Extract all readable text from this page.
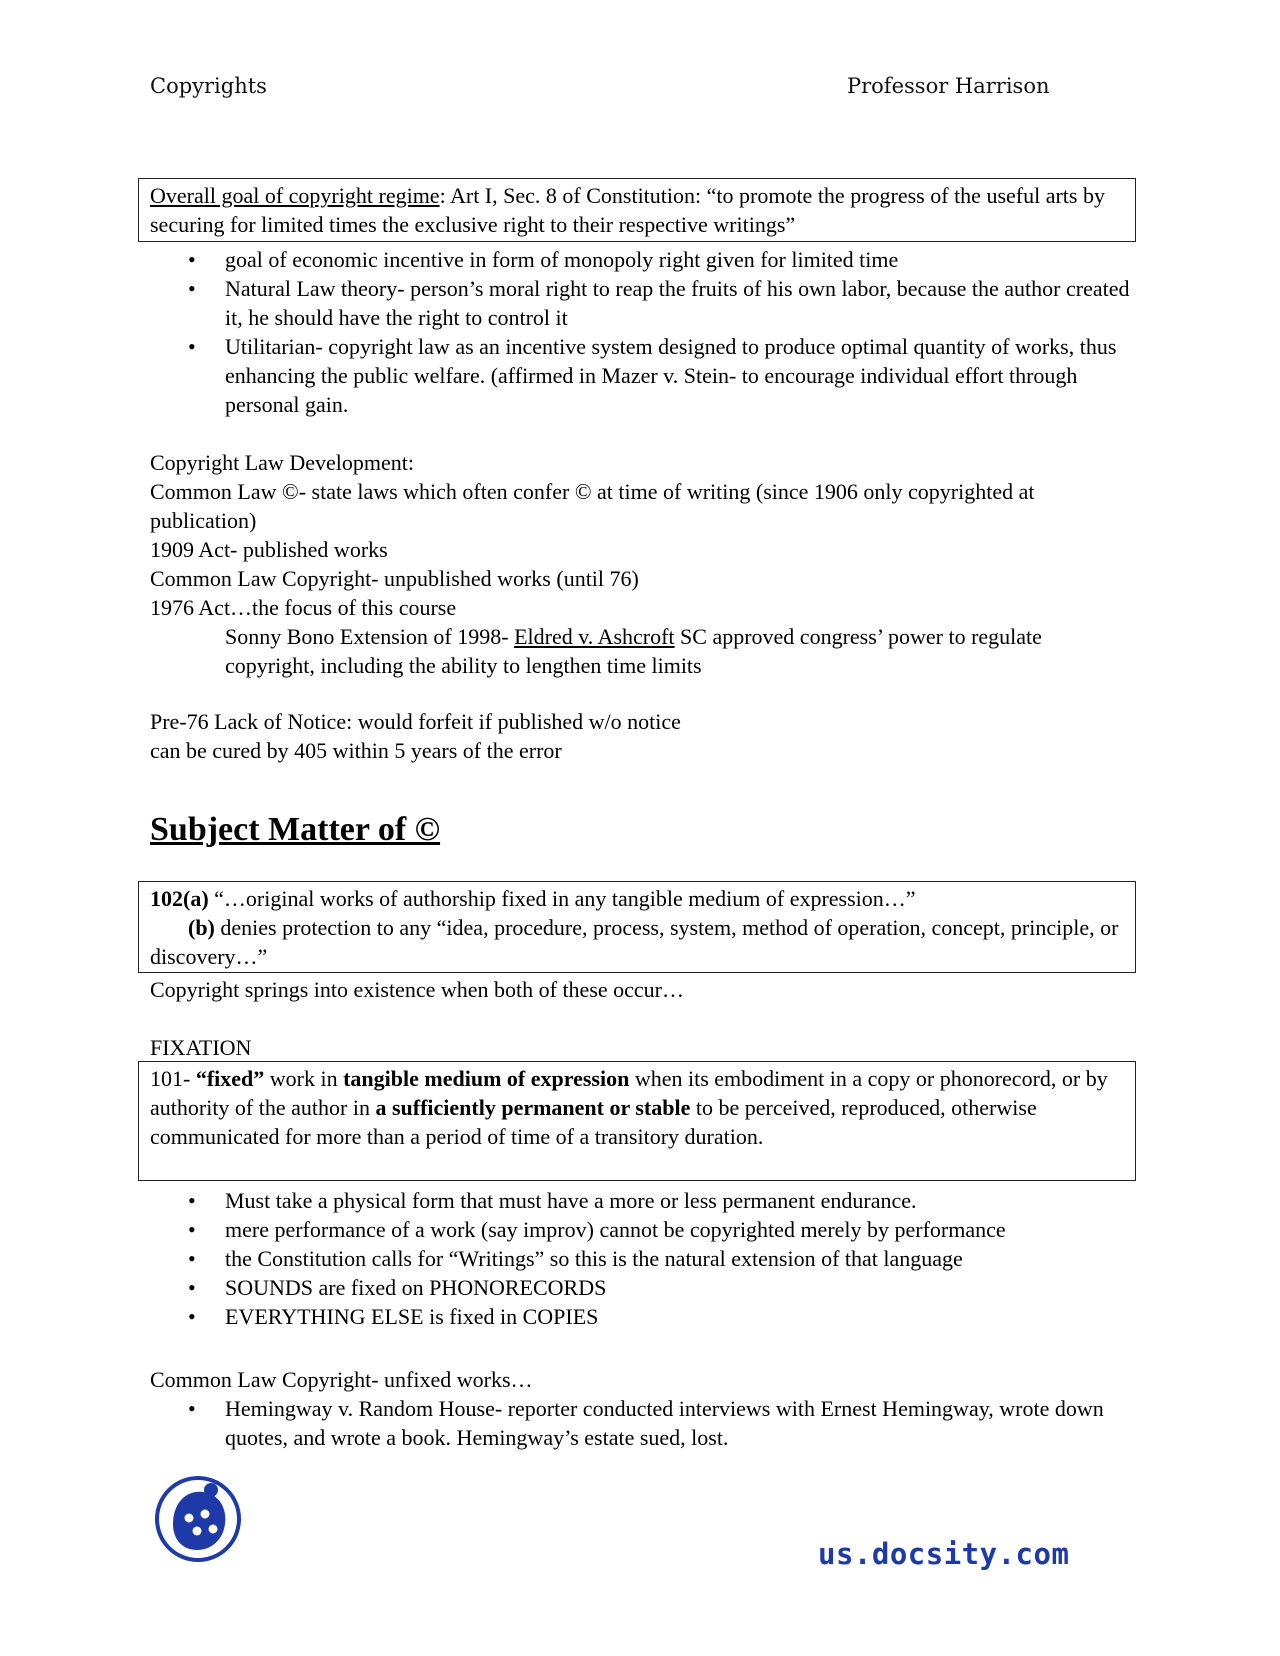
Copyrights	Professor Harrison
Overall goal of copyright regime: Art I, Sec. 8 of Constitution: “to promote the progress of the useful arts by securing for limited times the exclusive right to their respective writings”
• goal of economic incentive in form of monopoly right given for limited time
• Natural Law theory- person’s moral right to reap the fruits of his own labor, because the author created it, he should have the right to control it
• Utilitarian- copyright law as an incentive system designed to produce optimal quantity of works, thus enhancing the public welfare. (affirmed in Mazer v. Stein- to encourage individual effort through personal gain.
Copyright Law Development:
Common Law ©- state laws which often confer © at time of writing (since 1906 only copyrighted at publication)
1909 Act- published works
Common Law Copyright- unpublished works (until 76)
1976 Act…the focus of this course
Sonny Bono Extension of 1998- Eldred v. Ashcroft SC approved congress’ power to regulate copyright, including the ability to lengthen time limits
Pre-76 Lack of Notice: would forfeit if published w/o notice
can be cured by 405 within 5 years of the error
Subject Matter of ©
102(a) “…original works of authorship fixed in any tangible medium of expression…”
(b) denies protection to any “idea, procedure, process, system, method of operation, concept, principle, or discovery…”
Copyright springs into existence when both of these occur…
FIXATION
101- “fixed” work in tangible medium of expression when its embodiment in a copy or phonorecord, or by authority of the author in a sufficiently permanent or stable to be perceived, reproduced, otherwise communicated for more than a period of time of a transitory duration.
• Must take a physical form that must have a more or less permanent endurance.
• mere performance of a work (say improv) cannot be copyrighted merely by performance
• the Constitution calls for “Writings” so this is the natural extension of that language
• SOUNDS are fixed on PHONORECORDS
• EVERYTHING ELSE is fixed in COPIES
Common Law Copyright- unfixed works…
• Hemingway v. Random House- reporter conducted interviews with Ernest Hemingway, wrote down quotes, and wrote a book. Hemingway’s estate sued, lost.
us.docsity.com
